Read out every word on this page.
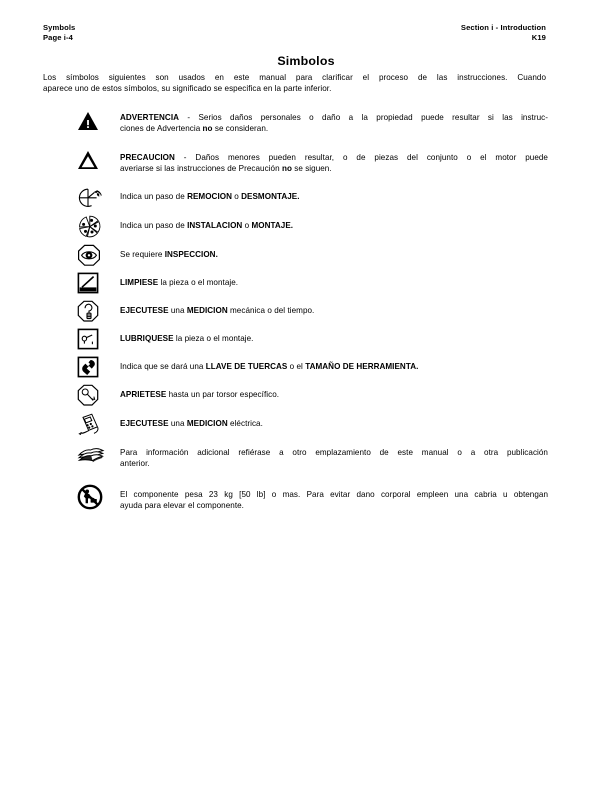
Symbols
Page i-4
Section i - Introduction
K19
Simbolos
Los símbolos siguientes son usados en este manual para clarificar el proceso de las instrucciones. Cuando
aparece uno de estos símbolos, su significado se especifica en la parte inferior.
ADVERTENCIA - Serios daños personales o daño a la propiedad puede resultar si las instruc-
ciones de Advertencia no se consideran.
PRECAUCION - Daños menores pueden resultar, o de piezas del conjunto o el motor puede
averiarse si las instrucciones de Precaución no se siguen.
Indica un paso de REMOCION o DESMONTAJE.
Indica un paso de INSTALACION o MONTAJE.
Se requiere INSPECCION.
LIMPIESE la pieza o el montaje.
EJECUTESE una MEDICION mecánica o del tiempo.
LUBRIQUESE la pieza o el montaje.
Indica que se dará una LLAVE DE TUERCAS o el TAMAÑO DE HERRAMIENTA.
APRIETESE hasta un par torsor específico.
EJECUTESE una MEDICION eléctrica.
Para información adicional refiérase a otro emplazamiento de este manual o a otra publicación
anterior.
El componente pesa 23 kg [50 lb] o mas. Para evitar dano corporal empleen una cabria u obtengan
ayuda para elevar el componente.
